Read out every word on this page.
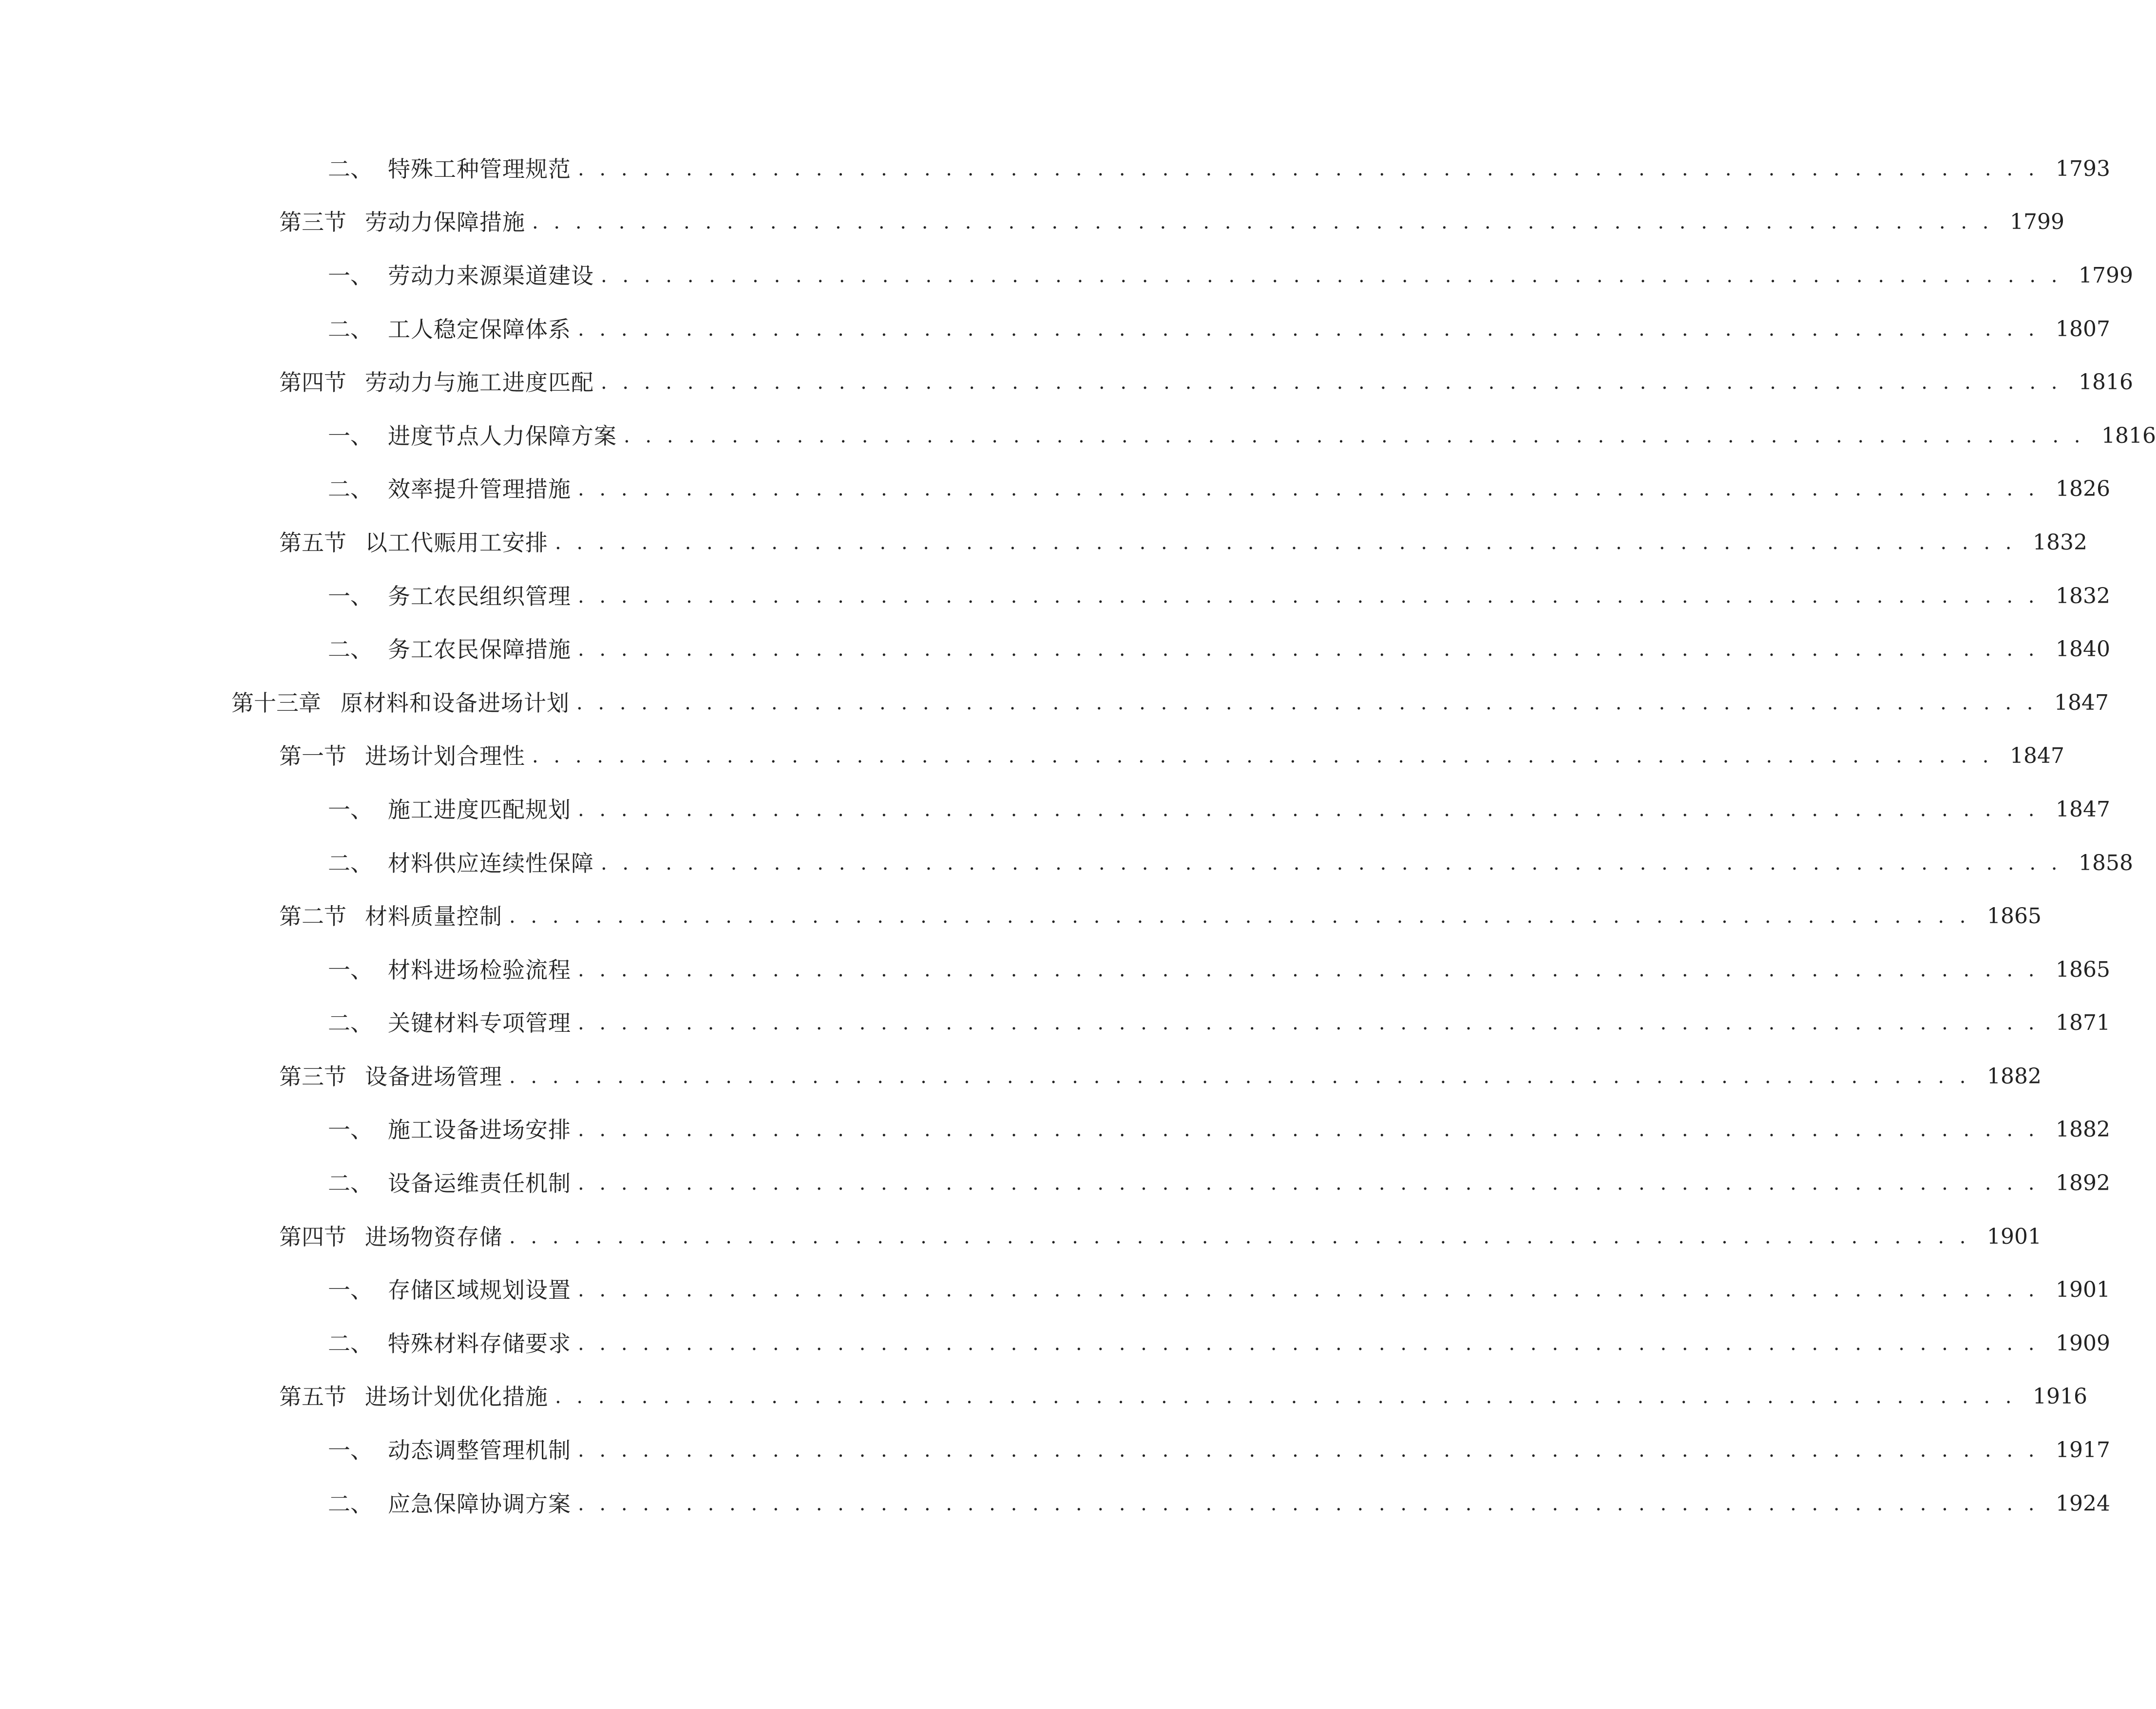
二、 特殊工种管理规范 . . . . . . . . . . . . . . . . . . . . . . . . . . . . . . . . . . . . . . . . . . . . . . . . . . . . . . . . . . . . . . . . . . . . 1793
第三节 劳动力保障措施 . . . . . . . . . . . . . . . . . . . . . . . . . . . . . . . . . . . . . . . . . . . . . . . . . . . . . . . . . . . . . . . . . . . . 1799
一、 劳动力来源渠道建设 . . . . . . . . . . . . . . . . . . . . . . . . . . . . . . . . . . . . . . . . . . . . . . . . . . . . . . . . . . . . . . . . . . . . 1799
二、 工人稳定保障体系 . . . . . . . . . . . . . . . . . . . . . . . . . . . . . . . . . . . . . . . . . . . . . . . . . . . . . . . . . . . . . . . . . . . . 1807
第四节 劳动力与施工进度匹配 . . . . . . . . . . . . . . . . . . . . . . . . . . . . . . . . . . . . . . . . . . . . . . . . . . . . . . . . . . . . . . . . . . . . 1816
一、 进度节点人力保障方案 . . . . . . . . . . . . . . . . . . . . . . . . . . . . . . . . . . . . . . . . . . . . . . . . . . . . . . . . . . . . . . . . . . . . 1816
二、 效率提升管理措施 . . . . . . . . . . . . . . . . . . . . . . . . . . . . . . . . . . . . . . . . . . . . . . . . . . . . . . . . . . . . . . . . . . . . 1826
第五节 以工代赈用工安排 . . . . . . . . . . . . . . . . . . . . . . . . . . . . . . . . . . . . . . . . . . . . . . . . . . . . . . . . . . . . . . . . . . . . 1832
一、 务工农民组织管理 . . . . . . . . . . . . . . . . . . . . . . . . . . . . . . . . . . . . . . . . . . . . . . . . . . . . . . . . . . . . . . . . . . . . 1832
二、 务工农民保障措施 . . . . . . . . . . . . . . . . . . . . . . . . . . . . . . . . . . . . . . . . . . . . . . . . . . . . . . . . . . . . . . . . . . . . 1840
第十三章 原材料和设备进场计划 . . . . . . . . . . . . . . . . . . . . . . . . . . . . . . . . . . . . . . . . . . . . . . . . . . . . . . . . . . . . . . . . . . . . 1847
第一节 进场计划合理性 . . . . . . . . . . . . . . . . . . . . . . . . . . . . . . . . . . . . . . . . . . . . . . . . . . . . . . . . . . . . . . . . . . . . 1847
一、 施工进度匹配规划 . . . . . . . . . . . . . . . . . . . . . . . . . . . . . . . . . . . . . . . . . . . . . . . . . . . . . . . . . . . . . . . . . . . . 1847
二、 材料供应连续性保障 . . . . . . . . . . . . . . . . . . . . . . . . . . . . . . . . . . . . . . . . . . . . . . . . . . . . . . . . . . . . . . . . . . . . 1858
第二节 材料质量控制 . . . . . . . . . . . . . . . . . . . . . . . . . . . . . . . . . . . . . . . . . . . . . . . . . . . . . . . . . . . . . . . . . . . . 1865
一、 材料进场检验流程 . . . . . . . . . . . . . . . . . . . . . . . . . . . . . . . . . . . . . . . . . . . . . . . . . . . . . . . . . . . . . . . . . . . . 1865
二、 关键材料专项管理 . . . . . . . . . . . . . . . . . . . . . . . . . . . . . . . . . . . . . . . . . . . . . . . . . . . . . . . . . . . . . . . . . . . . 1871
第三节 设备进场管理 . . . . . . . . . . . . . . . . . . . . . . . . . . . . . . . . . . . . . . . . . . . . . . . . . . . . . . . . . . . . . . . . . . . . 1882
一、 施工设备进场安排 . . . . . . . . . . . . . . . . . . . . . . . . . . . . . . . . . . . . . . . . . . . . . . . . . . . . . . . . . . . . . . . . . . . . 1882
二、 设备运维责任机制 . . . . . . . . . . . . . . . . . . . . . . . . . . . . . . . . . . . . . . . . . . . . . . . . . . . . . . . . . . . . . . . . . . . . 1892
第四节 进场物资存储 . . . . . . . . . . . . . . . . . . . . . . . . . . . . . . . . . . . . . . . . . . . . . . . . . . . . . . . . . . . . . . . . . . . . 1901
一、 存储区域规划设置 . . . . . . . . . . . . . . . . . . . . . . . . . . . . . . . . . . . . . . . . . . . . . . . . . . . . . . . . . . . . . . . . . . . . 1901
二、 特殊材料存储要求 . . . . . . . . . . . . . . . . . . . . . . . . . . . . . . . . . . . . . . . . . . . . . . . . . . . . . . . . . . . . . . . . . . . . 1909
第五节 进场计划优化措施 . . . . . . . . . . . . . . . . . . . . . . . . . . . . . . . . . . . . . . . . . . . . . . . . . . . . . . . . . . . . . . . . . . . . 1916
一、 动态调整管理机制 . . . . . . . . . . . . . . . . . . . . . . . . . . . . . . . . . . . . . . . . . . . . . . . . . . . . . . . . . . . . . . . . . . . . 1917
二、 应急保障协调方案 . . . . . . . . . . . . . . . . . . . . . . . . . . . . . . . . . . . . . . . . . . . . . . . . . . . . . . . . . . . . . . . . . . . . 1924
